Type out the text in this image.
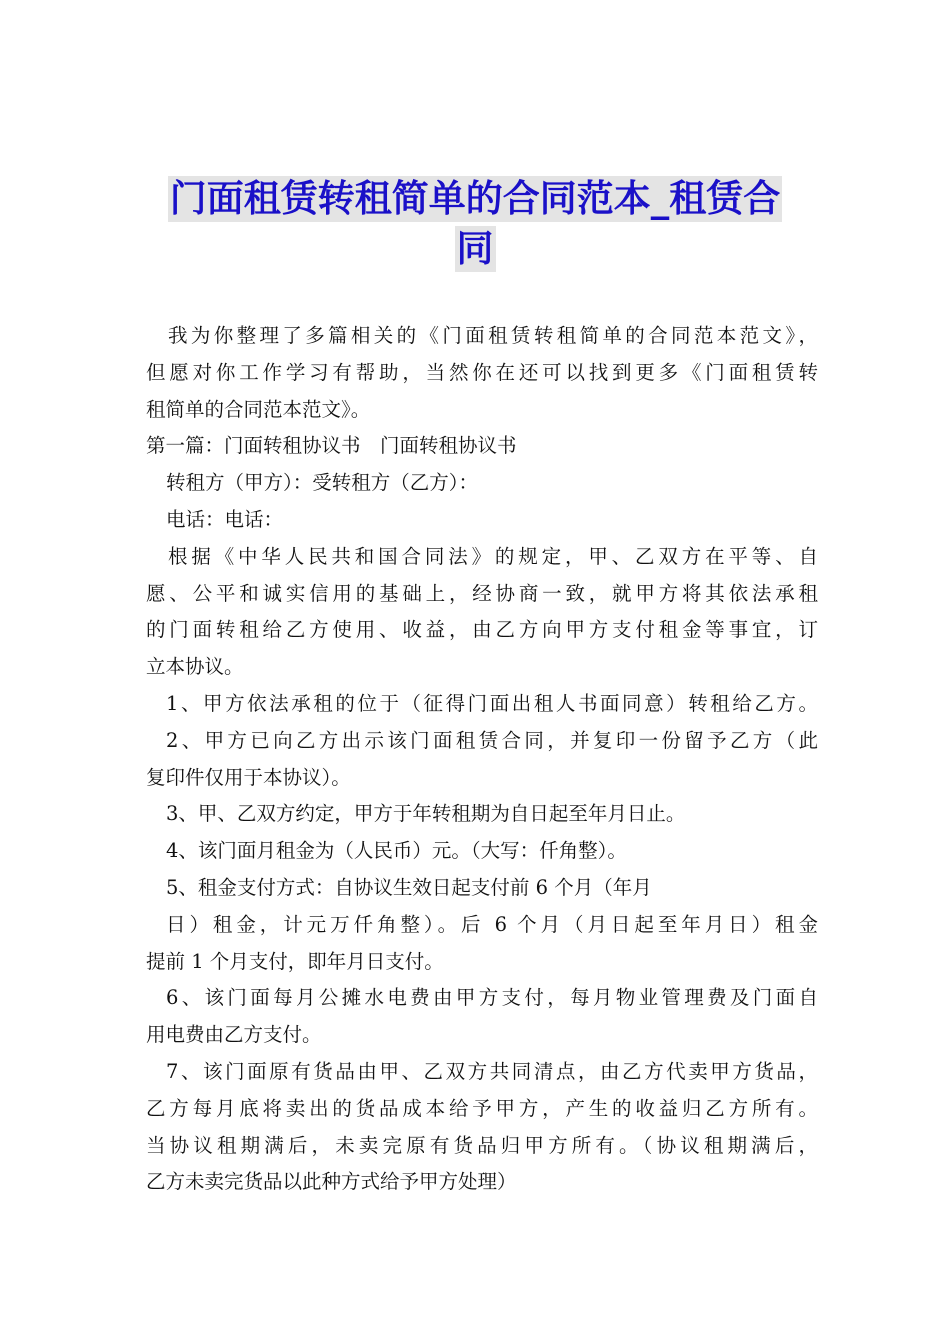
门面租赁转租简单的合同范本_租赁合
同
我为你整理了多篇相关的《门面租赁转租简单的合同范本范文》，
但愿对你工作学习有帮助，当然你在还可以找到更多《门面租赁转
租简单的合同范本范文》。
第一篇：门面转租协议书　门面转租协议书
转租方（甲方）：受转租方（乙方）：
电话：电话：
根据《中华人民共和国合同法》的规定，甲、乙双方在平等、自
愿、公平和诚实信用的基础上，经协商一致，就甲方将其依法承租
的门面转租给乙方使用、收益，由乙方向甲方支付租金等事宜，订
立本协议。
1、甲方依法承租的位于（征得门面出租人书面同意）转租给乙方。
2、甲方已向乙方出示该门面租赁合同，并复印一份留予乙方（此
复印件仅用于本协议）。
3、甲、乙双方约定，甲方于年转租期为自日起至年月日止。
4、该门面月租金为（人民币）元。（大写：仟角整）。
5、租金支付方式：自协议生效日起支付前 6 个月（年月
日）租金，计元万仟角整）。后 6 个月（月日起至年月日）租金
提前 1 个月支付，即年月日支付。
6、该门面每月公摊水电费由甲方支付，每月物业管理费及门面自
用电费由乙方支付。
7、该门面原有货品由甲、乙双方共同清点，由乙方代卖甲方货品，
乙方每月底将卖出的货品成本给予甲方，产生的收益归乙方所有。
当协议租期满后，未卖完原有货品归甲方所有。（协议租期满后，
乙方未卖完货品以此种方式给予甲方处理）
